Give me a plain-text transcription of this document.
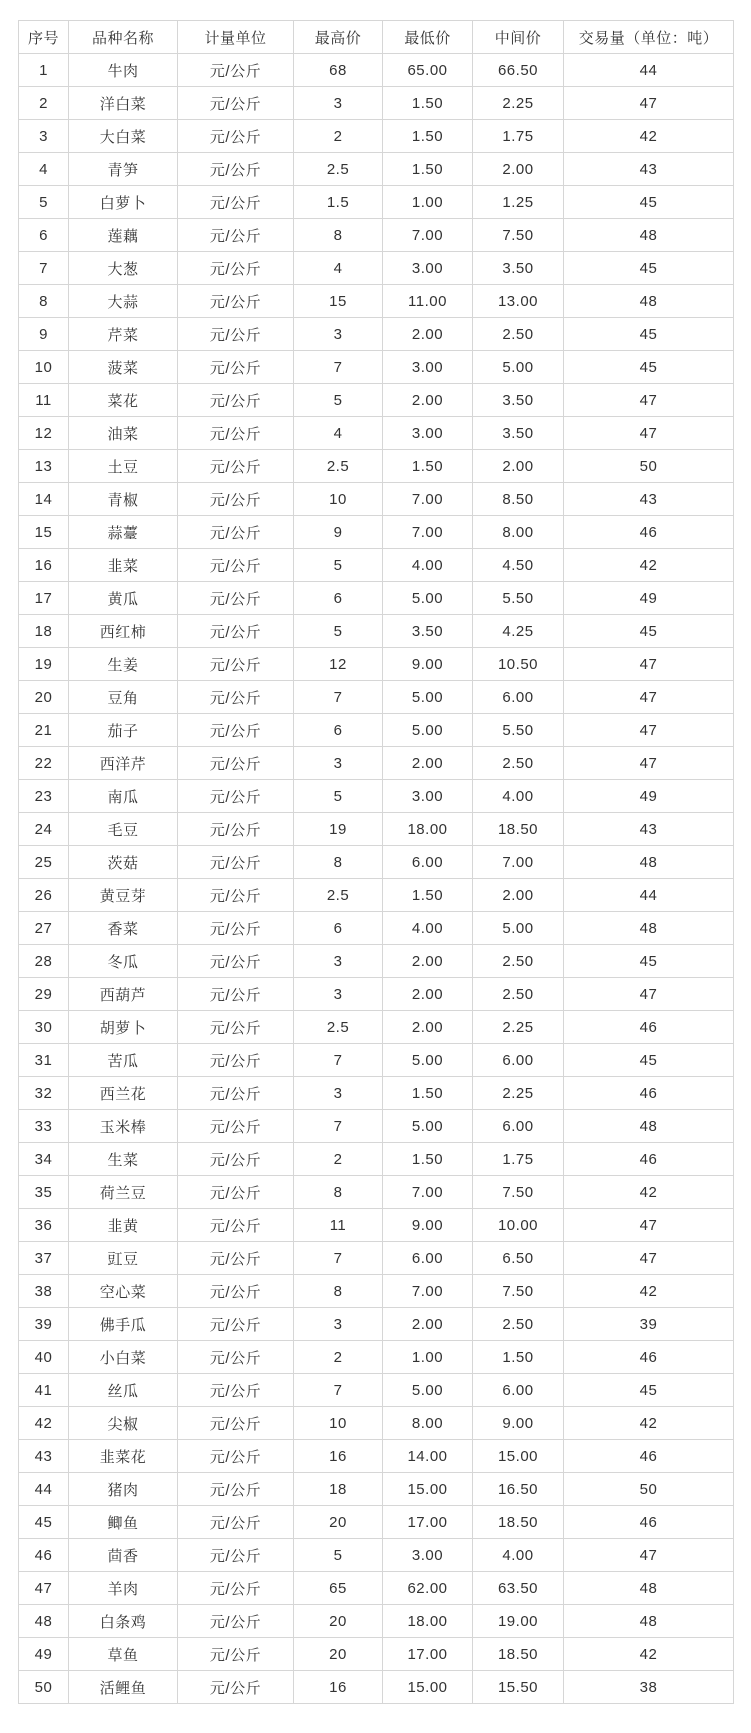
序号	品种名称	计量单位	最高价	最低价	中间价	交易量（单位：吨）
1	牛肉	元/公斤	68	65.00	66.50	44
2	洋白菜	元/公斤	3	1.50	2.25	47
3	大白菜	元/公斤	2	1.50	1.75	42
4	青笋	元/公斤	2.5	1.50	2.00	43
5	白萝卜	元/公斤	1.5	1.00	1.25	45
6	莲藕	元/公斤	8	7.00	7.50	48
7	大葱	元/公斤	4	3.00	3.50	45
8	大蒜	元/公斤	15	11.00	13.00	48
9	芹菜	元/公斤	3	2.00	2.50	45
10	菠菜	元/公斤	7	3.00	5.00	45
11	菜花	元/公斤	5	2.00	3.50	47
12	油菜	元/公斤	4	3.00	3.50	47
13	土豆	元/公斤	2.5	1.50	2.00	50
14	青椒	元/公斤	10	7.00	8.50	43
15	蒜薹	元/公斤	9	7.00	8.00	46
16	韭菜	元/公斤	5	4.00	4.50	42
17	黄瓜	元/公斤	6	5.00	5.50	49
18	西红柿	元/公斤	5	3.50	4.25	45
19	生姜	元/公斤	12	9.00	10.50	47
20	豆角	元/公斤	7	5.00	6.00	47
21	茄子	元/公斤	6	5.00	5.50	47
22	西洋芹	元/公斤	3	2.00	2.50	47
23	南瓜	元/公斤	5	3.00	4.00	49
24	毛豆	元/公斤	19	18.00	18.50	43
25	茨菇	元/公斤	8	6.00	7.00	48
26	黄豆芽	元/公斤	2.5	1.50	2.00	44
27	香菜	元/公斤	6	4.00	5.00	48
28	冬瓜	元/公斤	3	2.00	2.50	45
29	西葫芦	元/公斤	3	2.00	2.50	47
30	胡萝卜	元/公斤	2.5	2.00	2.25	46
31	苦瓜	元/公斤	7	5.00	6.00	45
32	西兰花	元/公斤	3	1.50	2.25	46
33	玉米棒	元/公斤	7	5.00	6.00	48
34	生菜	元/公斤	2	1.50	1.75	46
35	荷兰豆	元/公斤	8	7.00	7.50	42
36	韭黄	元/公斤	11	9.00	10.00	47
37	豇豆	元/公斤	7	6.00	6.50	47
38	空心菜	元/公斤	8	7.00	7.50	42
39	佛手瓜	元/公斤	3	2.00	2.50	39
40	小白菜	元/公斤	2	1.00	1.50	46
41	丝瓜	元/公斤	7	5.00	6.00	45
42	尖椒	元/公斤	10	8.00	9.00	42
43	韭菜花	元/公斤	16	14.00	15.00	46
44	猪肉	元/公斤	18	15.00	16.50	50
45	鲫鱼	元/公斤	20	17.00	18.50	46
46	茴香	元/公斤	5	3.00	4.00	47
47	羊肉	元/公斤	65	62.00	63.50	48
48	白条鸡	元/公斤	20	18.00	19.00	48
49	草鱼	元/公斤	20	17.00	18.50	42
50	活鲤鱼	元/公斤	16	15.00	15.50	38
